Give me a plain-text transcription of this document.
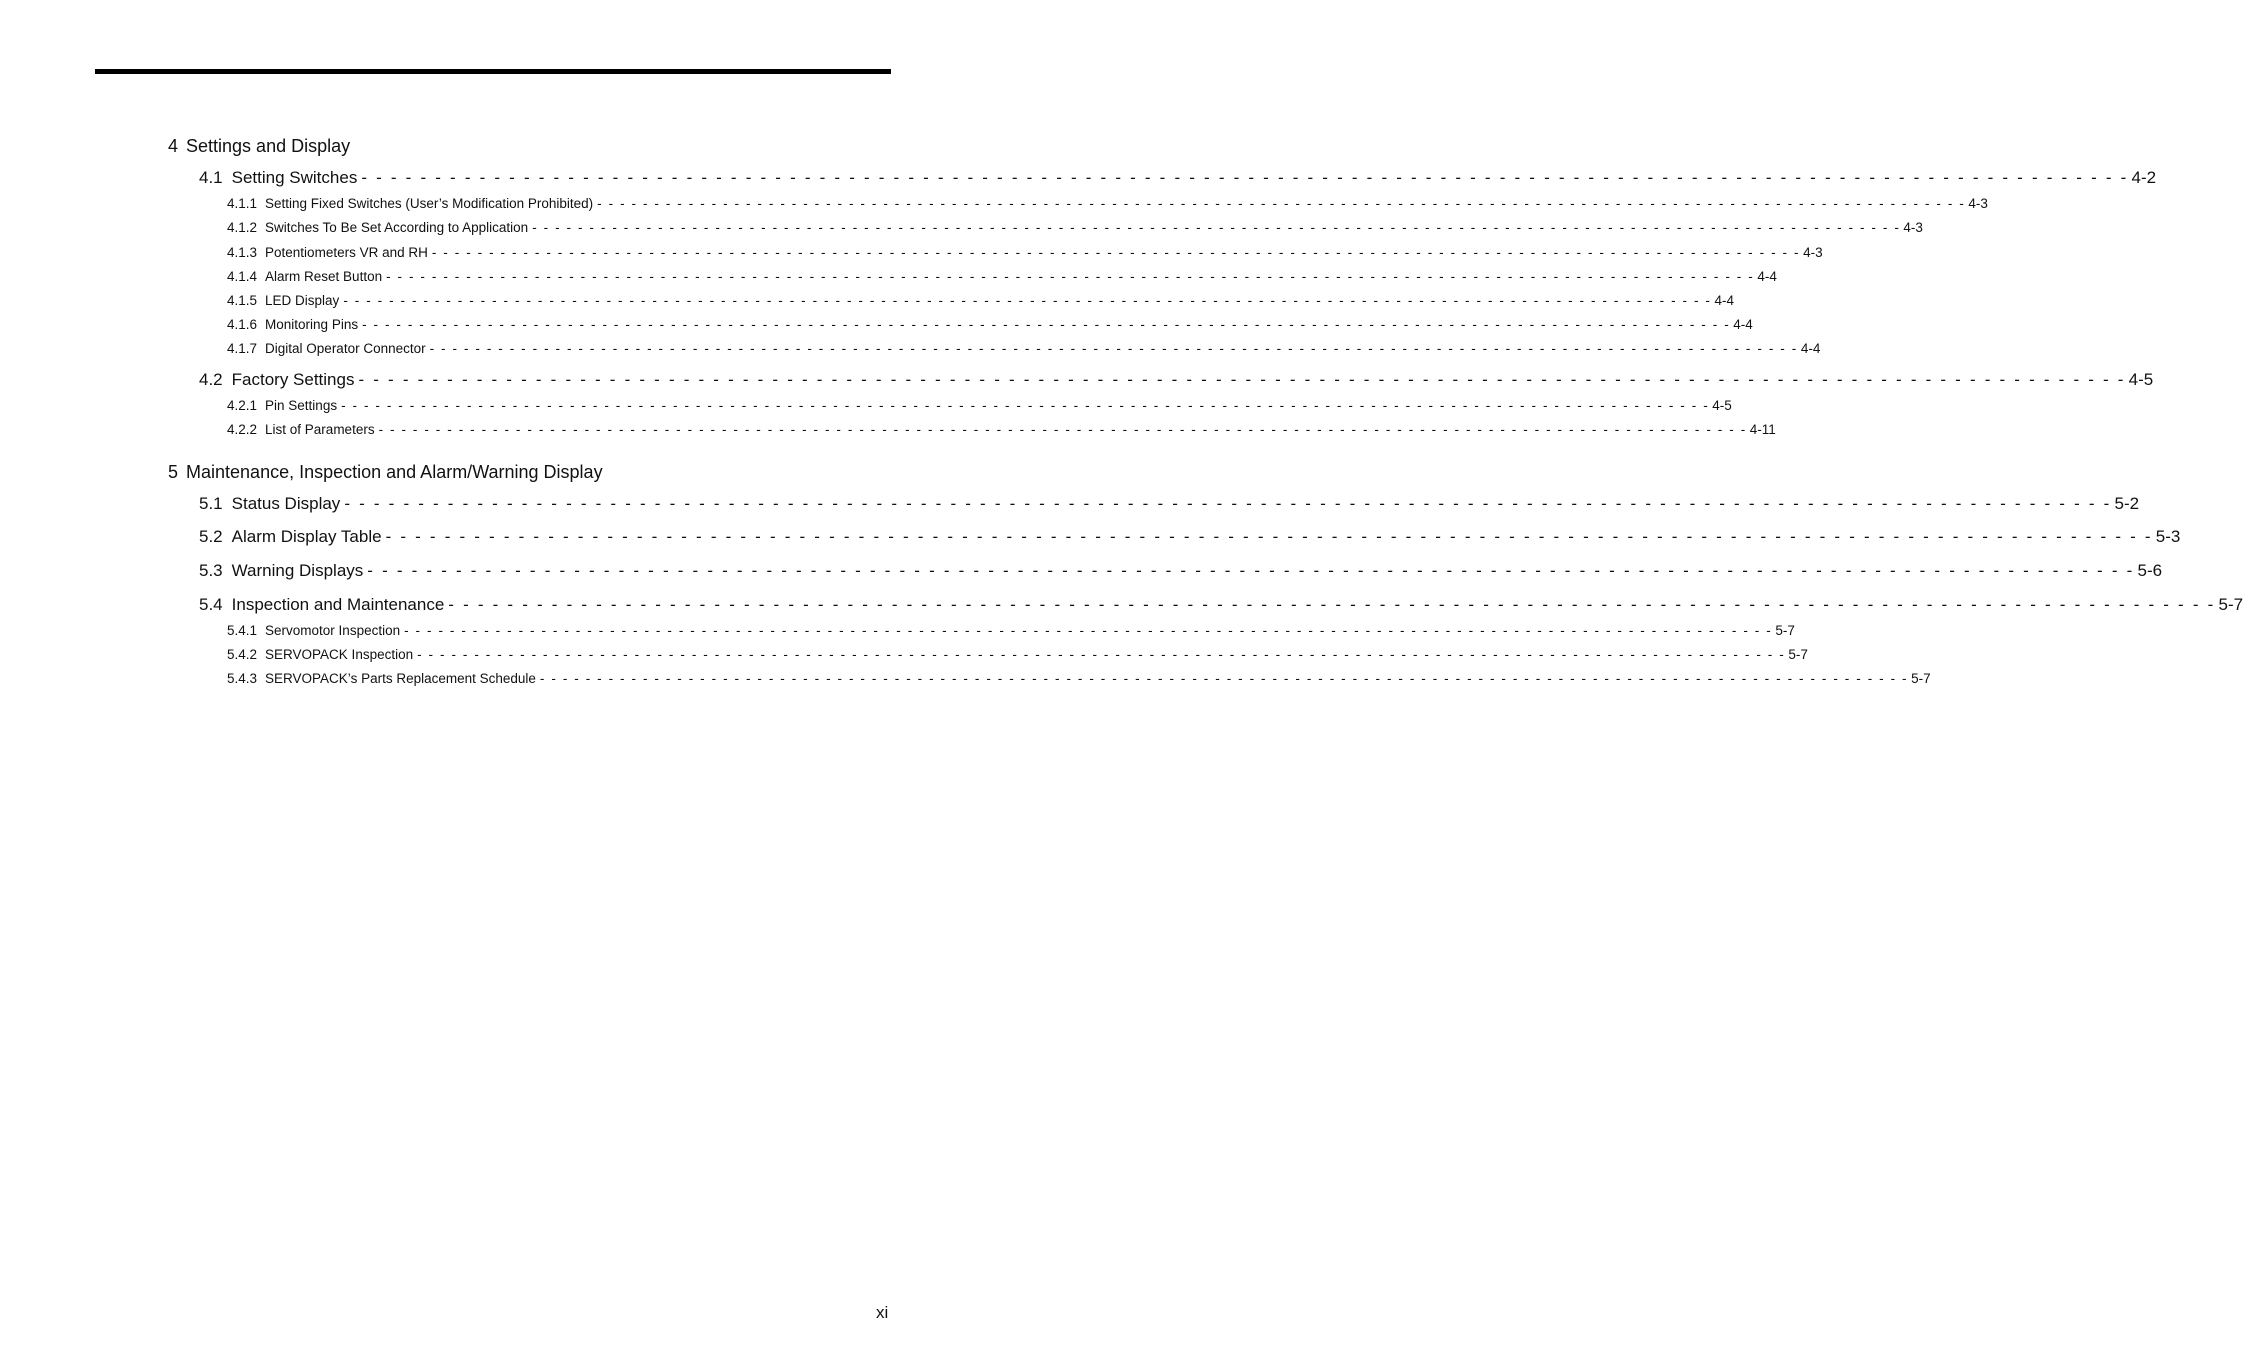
4 Settings and Display
4.1 Setting Switches - - - - - - - - - - - - - - - - - - - - - - - - - - - - - - - - - - - - - - - - - - - - - - - - - - - - - - - - - - - - - - - - - - - - - - - - - - - - - - - - - - - - - - - - - - - - - - - - - - - - - - - - - - - - - - - - - - - - - - - - 4-2
4.1.1 Setting Fixed Switches (User’s Modification Prohibited) - - - - - - - - - - - - - - - - - - - - - - - - - - - - - - - - - - - - - - - - - - - - - - - - - - - - - - - - - - - - - - - - - - - - - - - - - - - - - - - - - - - - - - - - - - - - - - - - - - - - - - - - - - - - - - - - - - - - - - - - 4-3
4.1.2 Switches To Be Set According to Application - - - - - - - - - - - - - - - - - - - - - - - - - - - - - - - - - - - - - - - - - - - - - - - - - - - - - - - - - - - - - - - - - - - - - - - - - - - - - - - - - - - - - - - - - - - - - - - - - - - - - - - - - - - - - - - - - - - - - - - - 4-3
4.1.3 Potentiometers VR and RH - - - - - - - - - - - - - - - - - - - - - - - - - - - - - - - - - - - - - - - - - - - - - - - - - - - - - - - - - - - - - - - - - - - - - - - - - - - - - - - - - - - - - - - - - - - - - - - - - - - - - - - - - - - - - - - - - - - - - - - - 4-3
4.1.4 Alarm Reset Button - - - - - - - - - - - - - - - - - - - - - - - - - - - - - - - - - - - - - - - - - - - - - - - - - - - - - - - - - - - - - - - - - - - - - - - - - - - - - - - - - - - - - - - - - - - - - - - - - - - - - - - - - - - - - - - - - - - - - - - - 4-4
4.1.5 LED Display - - - - - - - - - - - - - - - - - - - - - - - - - - - - - - - - - - - - - - - - - - - - - - - - - - - - - - - - - - - - - - - - - - - - - - - - - - - - - - - - - - - - - - - - - - - - - - - - - - - - - - - - - - - - - - - - - - - - - - - - 4-4
4.1.6 Monitoring Pins - - - - - - - - - - - - - - - - - - - - - - - - - - - - - - - - - - - - - - - - - - - - - - - - - - - - - - - - - - - - - - - - - - - - - - - - - - - - - - - - - - - - - - - - - - - - - - - - - - - - - - - - - - - - - - - - - - - - - - - - 4-4
4.1.7 Digital Operator Connector - - - - - - - - - - - - - - - - - - - - - - - - - - - - - - - - - - - - - - - - - - - - - - - - - - - - - - - - - - - - - - - - - - - - - - - - - - - - - - - - - - - - - - - - - - - - - - - - - - - - - - - - - - - - - - - - - - - - - - - - 4-4
4.2 Factory Settings - - - - - - - - - - - - - - - - - - - - - - - - - - - - - - - - - - - - - - - - - - - - - - - - - - - - - - - - - - - - - - - - - - - - - - - - - - - - - - - - - - - - - - - - - - - - - - - - - - - - - - - - - - - - - - - - - - - - - - - - 4-5
4.2.1 Pin Settings - - - - - - - - - - - - - - - - - - - - - - - - - - - - - - - - - - - - - - - - - - - - - - - - - - - - - - - - - - - - - - - - - - - - - - - - - - - - - - - - - - - - - - - - - - - - - - - - - - - - - - - - - - - - - - - - - - - - - - - - 4-5
4.2.2 List of Parameters - - - - - - - - - - - - - - - - - - - - - - - - - - - - - - - - - - - - - - - - - - - - - - - - - - - - - - - - - - - - - - - - - - - - - - - - - - - - - - - - - - - - - - - - - - - - - - - - - - - - - - - - - - - - - - - - - - - - - - - - 4-11
5 Maintenance, Inspection and Alarm/Warning Display
5.1 Status Display - - - - - - - - - - - - - - - - - - - - - - - - - - - - - - - - - - - - - - - - - - - - - - - - - - - - - - - - - - - - - - - - - - - - - - - - - - - - - - - - - - - - - - - - - - - - - - - - - - - - - - - - - - - - - - - - - - - - - - - - 5-2
5.2 Alarm Display Table - - - - - - - - - - - - - - - - - - - - - - - - - - - - - - - - - - - - - - - - - - - - - - - - - - - - - - - - - - - - - - - - - - - - - - - - - - - - - - - - - - - - - - - - - - - - - - - - - - - - - - - - - - - - - - - - - - - - - - - - 5-3
5.3 Warning Displays - - - - - - - - - - - - - - - - - - - - - - - - - - - - - - - - - - - - - - - - - - - - - - - - - - - - - - - - - - - - - - - - - - - - - - - - - - - - - - - - - - - - - - - - - - - - - - - - - - - - - - - - - - - - - - - - - - - - - - - - 5-6
5.4 Inspection and Maintenance - - - - - - - - - - - - - - - - - - - - - - - - - - - - - - - - - - - - - - - - - - - - - - - - - - - - - - - - - - - - - - - - - - - - - - - - - - - - - - - - - - - - - - - - - - - - - - - - - - - - - - - - - - - - - - - - - - - - - - - - 5-7
5.4.1 Servomotor Inspection - - - - - - - - - - - - - - - - - - - - - - - - - - - - - - - - - - - - - - - - - - - - - - - - - - - - - - - - - - - - - - - - - - - - - - - - - - - - - - - - - - - - - - - - - - - - - - - - - - - - - - - - - - - - - - - - - - - - - - - - 5-7
5.4.2 SERVOPACK Inspection - - - - - - - - - - - - - - - - - - - - - - - - - - - - - - - - - - - - - - - - - - - - - - - - - - - - - - - - - - - - - - - - - - - - - - - - - - - - - - - - - - - - - - - - - - - - - - - - - - - - - - - - - - - - - - - - - - - - - - - - 5-7
5.4.3 SERVOPACK’s Parts Replacement Schedule - - - - - - - - - - - - - - - - - - - - - - - - - - - - - - - - - - - - - - - - - - - - - - - - - - - - - - - - - - - - - - - - - - - - - - - - - - - - - - - - - - - - - - - - - - - - - - - - - - - - - - - - - - - - - - - - - - - - - - - - 5-7
xi
